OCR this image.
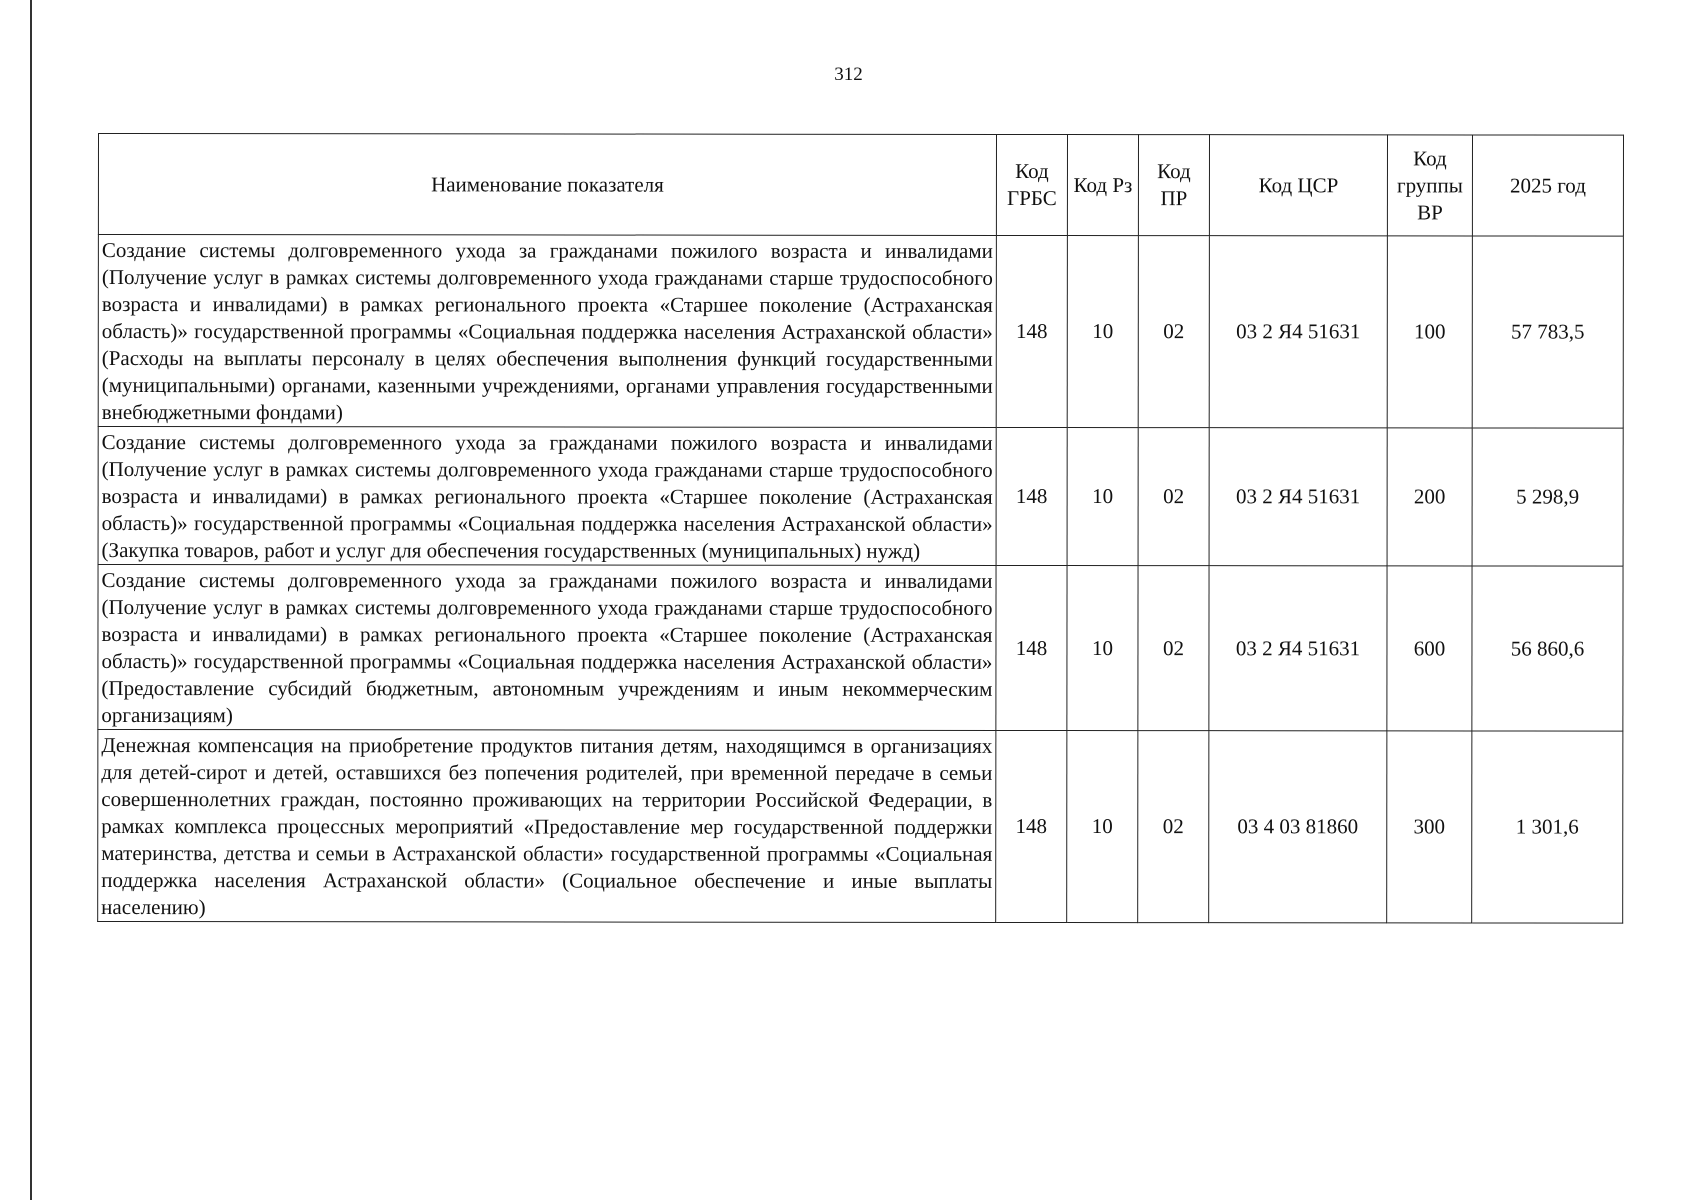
312
Наименование показателя	Код ГРБС	Код Рз	Код ПР	Код ЦСР	Код группы ВР	2025 год
Создание системы долговременного ухода за гражданами пожилого возраста и инвалидами (Получение услуг в рамках системы долговременного ухода гражданами старше трудоспособного возраста и инвалидами) в рамках регионального проекта «Старшее поколение (Астраханская область)» государственной программы «Социальная поддержка населения Астраханской области» (Расходы на выплаты персоналу в целях обеспечения выполнения функций государственными (муниципальными) органами, казенными учреждениями, органами управления государственными внебюджетными фондами)	148	10	02	03 2 Я4 51631	100	57 783,5
Создание системы долговременного ухода за гражданами пожилого возраста и инвалидами (Получение услуг в рамках системы долговременного ухода гражданами старше трудоспособного возраста и инвалидами) в рамках регионального проекта «Старшее поколение (Астраханская область)» государственной программы «Социальная поддержка населения Астраханской области» (Закупка товаров, работ и услуг для обеспечения государственных (муниципальных) нужд)	148	10	02	03 2 Я4 51631	200	5 298,9
Создание системы долговременного ухода за гражданами пожилого возраста и инвалидами (Получение услуг в рамках системы долговременного ухода гражданами старше трудоспособного возраста и инвалидами) в рамках регионального проекта «Старшее поколение (Астраханская область)» государственной программы «Социальная поддержка населения Астраханской области» (Предоставление субсидий бюджетным, автономным учреждениям и иным некоммерческим организациям)	148	10	02	03 2 Я4 51631	600	56 860,6
Денежная компенсация на приобретение продуктов питания детям, находящимся в организациях для детей-сирот и детей, оставшихся без попечения родителей, при временной передаче в семьи совершеннолетних граждан, постоянно проживающих на территории Российской Федерации, в рамках комплекса процессных мероприятий «Предоставление мер государственной поддержки материнства, детства и семьи в Астраханской области» государственной программы «Социальная поддержка населения Астраханской области» (Социальное обеспечение и иные выплаты населению)	148	10	02	03 4 03 81860	300	1 301,6
